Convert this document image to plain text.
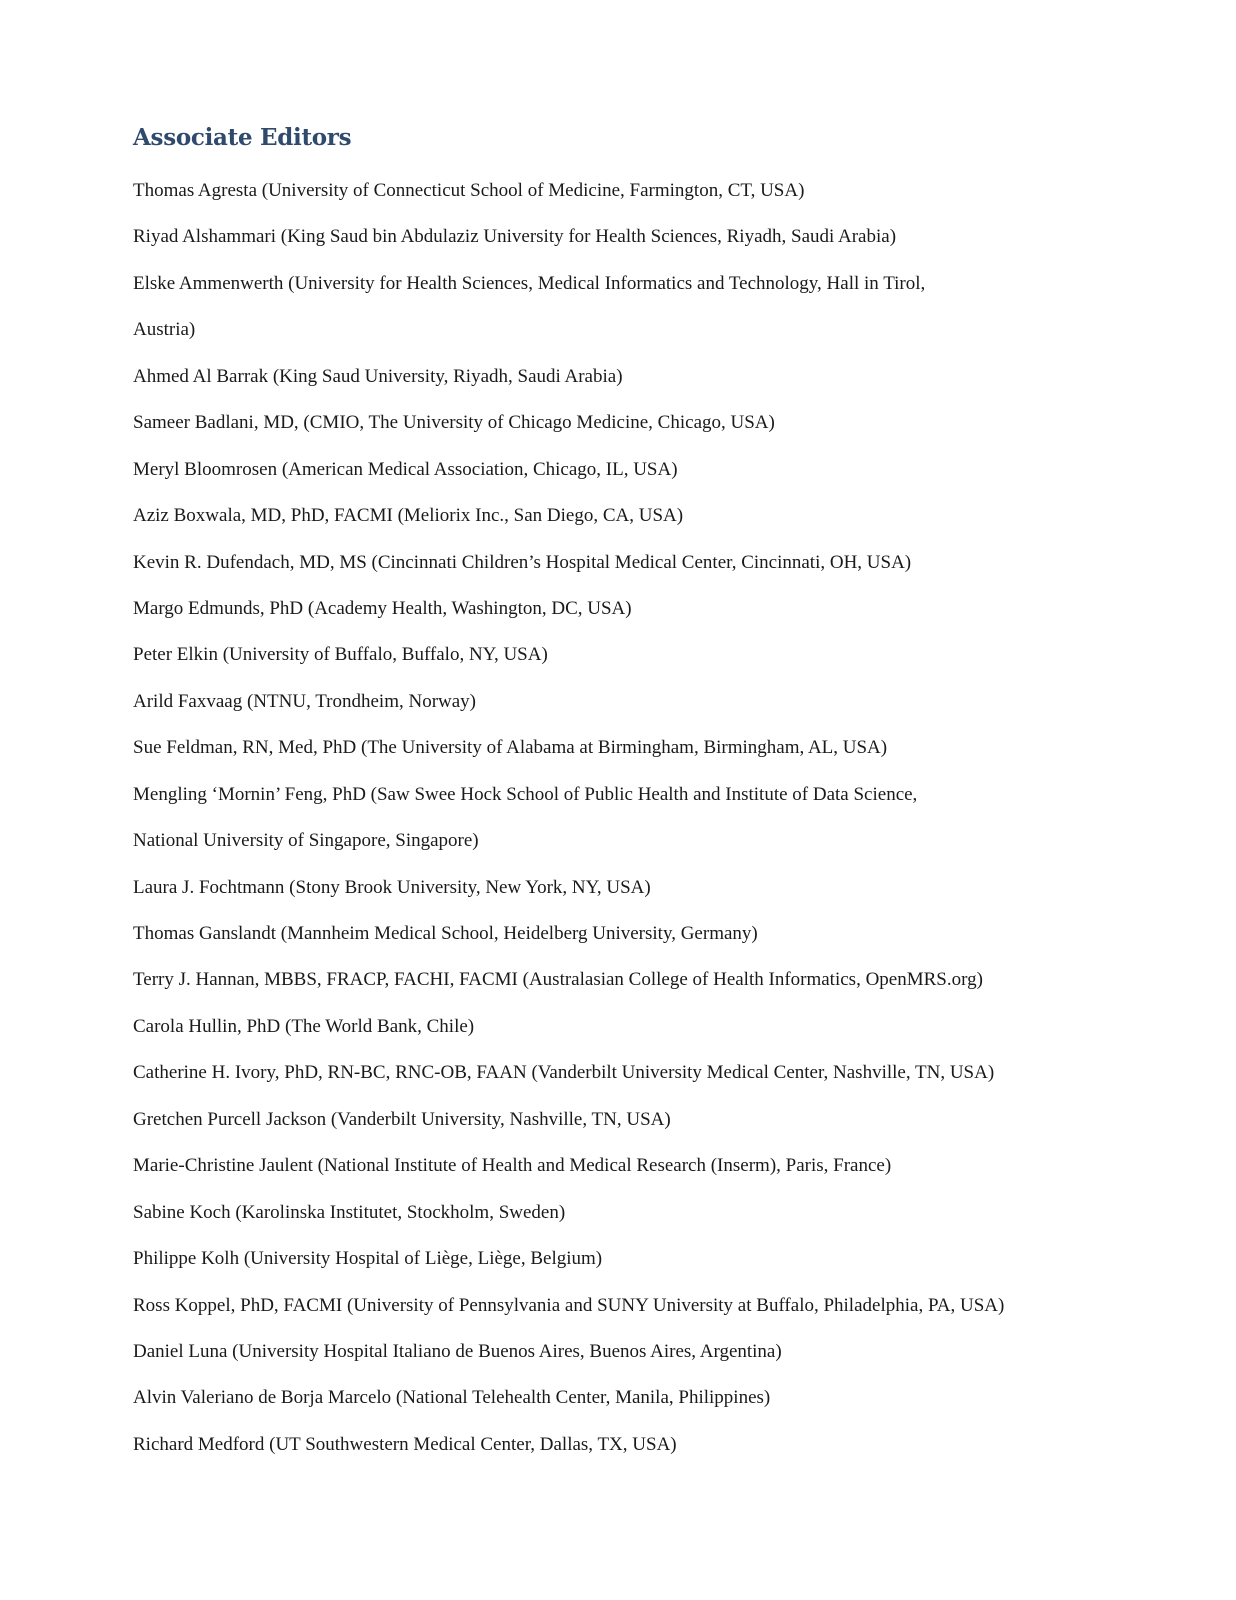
Associate Editors
Thomas Agresta (University of Connecticut School of Medicine, Farmington, CT, USA)
Riyad Alshammari (King Saud bin Abdulaziz University for Health Sciences, Riyadh, Saudi Arabia)
Elske Ammenwerth (University for Health Sciences, Medical Informatics and Technology, Hall in Tirol,
Austria)
Ahmed Al Barrak (King Saud University, Riyadh, Saudi Arabia)
Sameer Badlani, MD, (CMIO, The University of Chicago Medicine, Chicago, USA)
Meryl Bloomrosen (American Medical Association, Chicago, IL, USA)
Aziz Boxwala, MD, PhD, FACMI (Meliorix Inc., San Diego, CA, USA)
Kevin R. Dufendach, MD, MS (Cincinnati Children’s Hospital Medical Center, Cincinnati, OH, USA)
Margo Edmunds, PhD (Academy Health, Washington, DC, USA)
Peter Elkin (University of Buffalo, Buffalo, NY, USA)
Arild Faxvaag (NTNU, Trondheim, Norway)
Sue Feldman, RN, Med, PhD (The University of Alabama at Birmingham, Birmingham, AL, USA)
Mengling ‘Mornin’ Feng, PhD (Saw Swee Hock School of Public Health and Institute of Data Science,
National University of Singapore, Singapore)
Laura J. Fochtmann (Stony Brook University, New York, NY, USA)
Thomas Ganslandt (Mannheim Medical School, Heidelberg University, Germany)
Terry J. Hannan, MBBS, FRACP, FACHI, FACMI (Australasian College of Health Informatics, OpenMRS.org)
Carola Hullin, PhD (The World Bank, Chile)
Catherine H. Ivory, PhD, RN-BC, RNC-OB, FAAN (Vanderbilt University Medical Center, Nashville, TN, USA)
Gretchen Purcell Jackson (Vanderbilt University, Nashville, TN, USA)
Marie-Christine Jaulent (National Institute of Health and Medical Research (Inserm), Paris, France)
Sabine Koch (Karolinska Institutet, Stockholm, Sweden)
Philippe Kolh (University Hospital of Liège, Liège, Belgium)
Ross Koppel, PhD, FACMI (University of Pennsylvania and SUNY University at Buffalo, Philadelphia, PA, USA)
Daniel Luna (University Hospital Italiano de Buenos Aires, Buenos Aires, Argentina)
Alvin Valeriano de Borja Marcelo (National Telehealth Center, Manila, Philippines)
Richard Medford (UT Southwestern Medical Center, Dallas, TX, USA)
